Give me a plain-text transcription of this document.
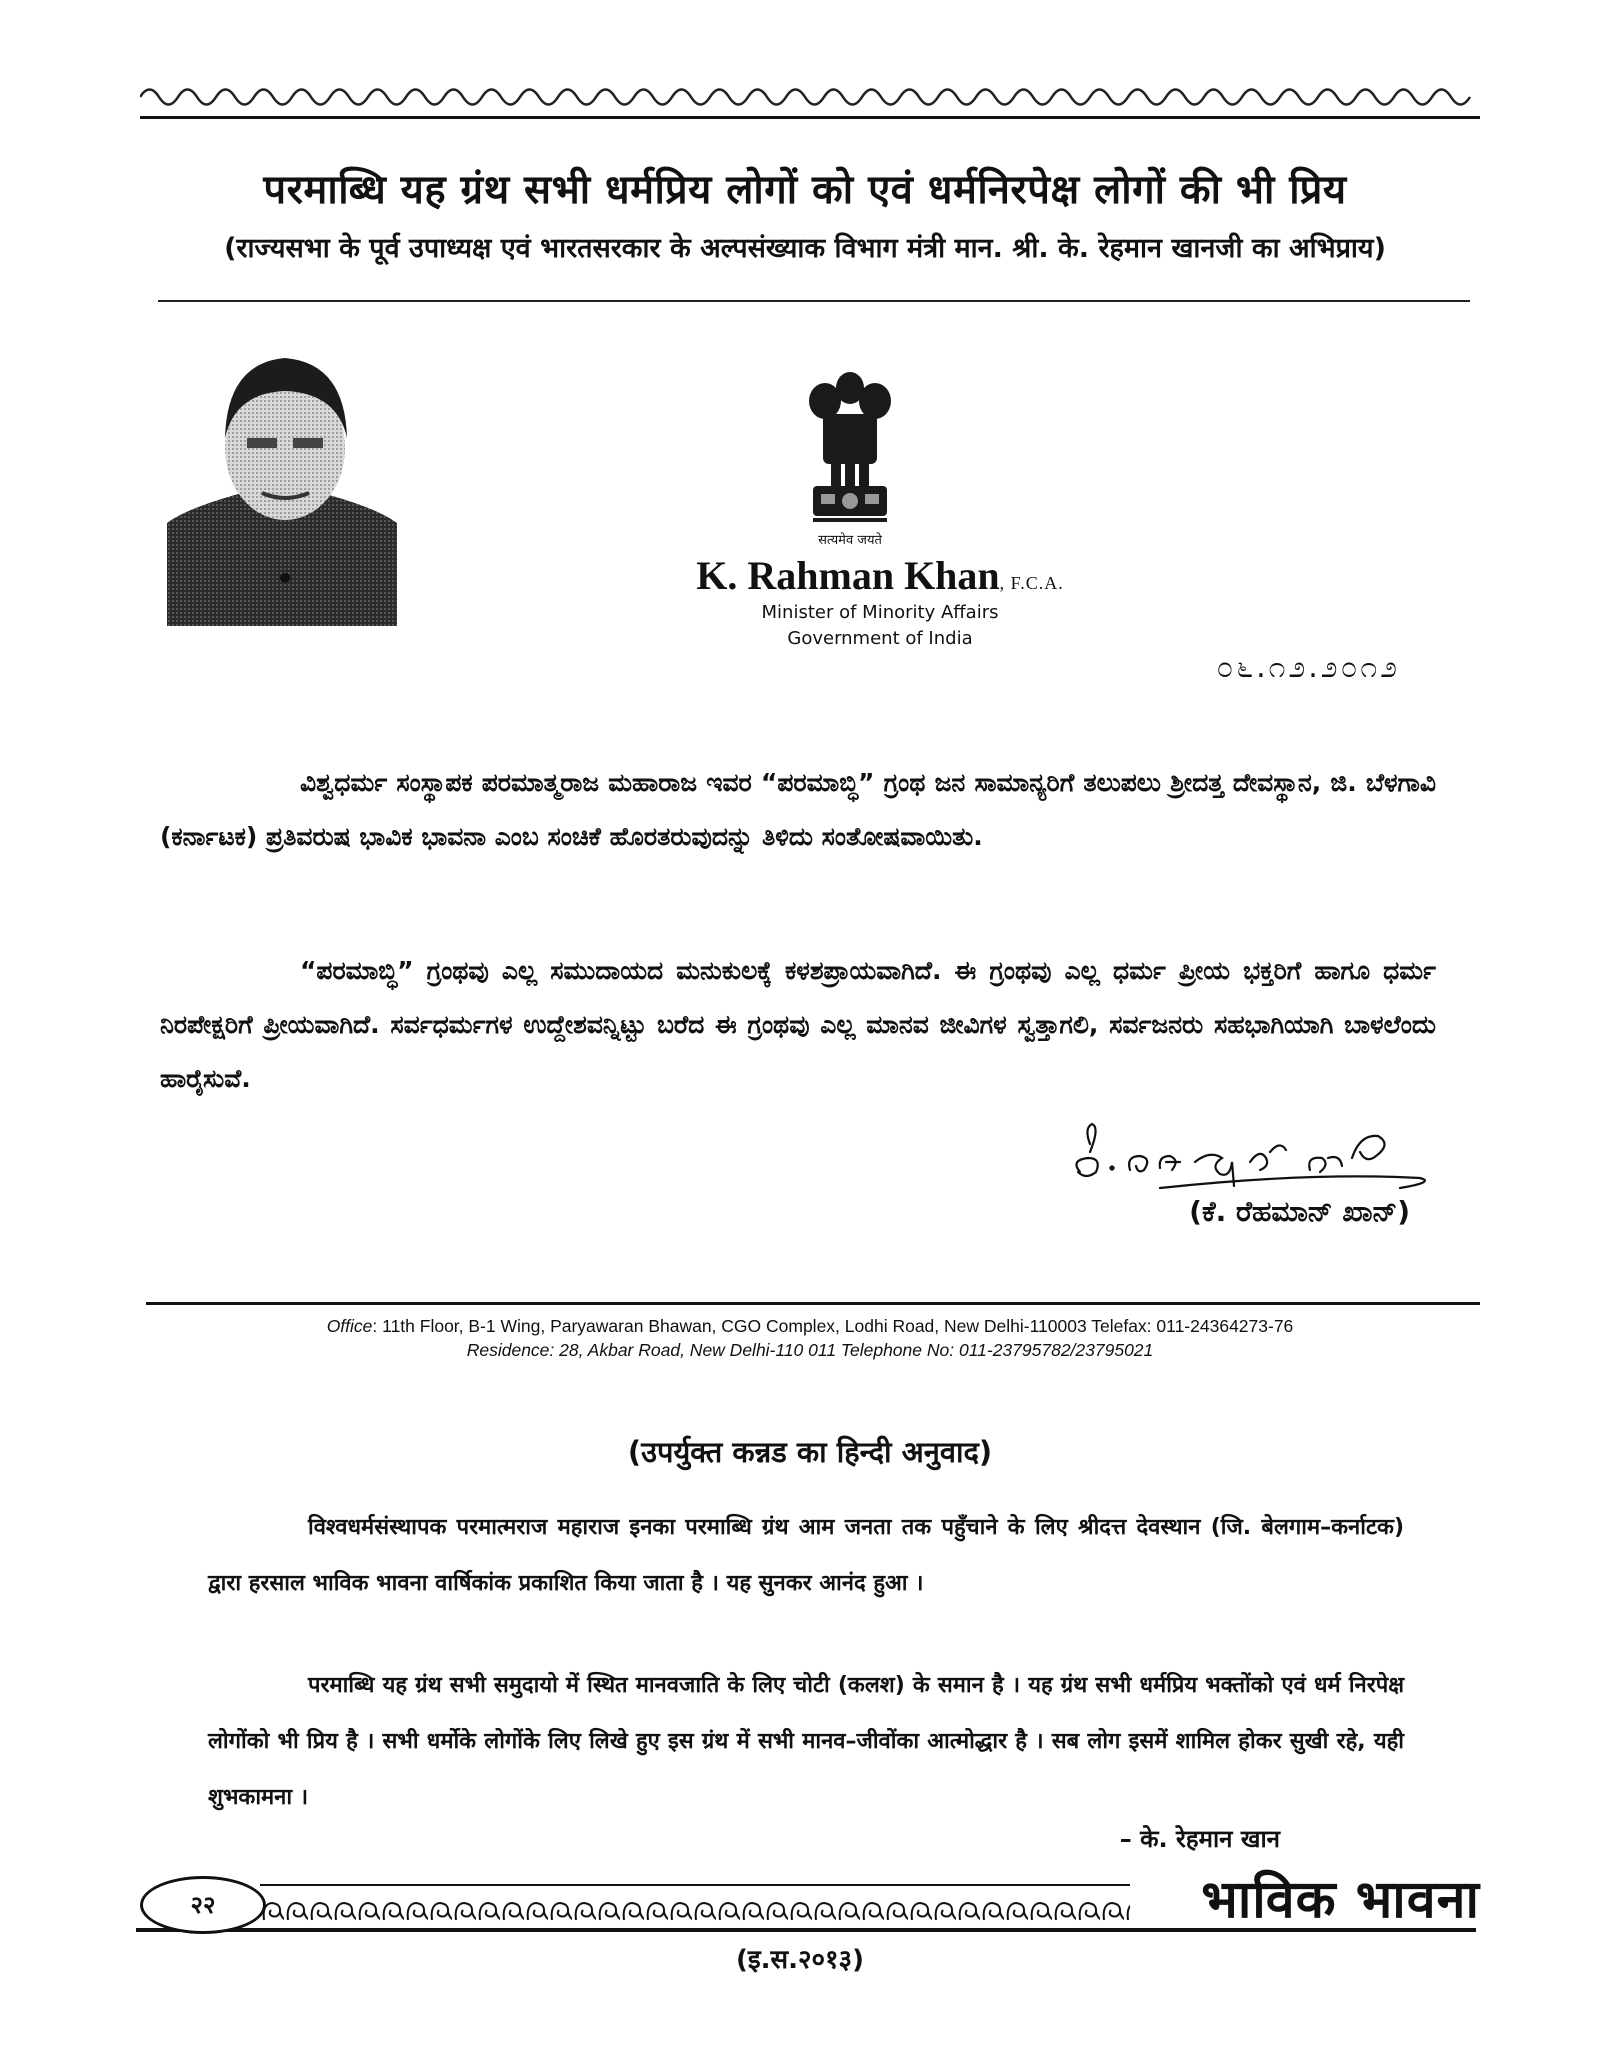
परमाब्धि यह ग्रंथ सभी धर्मप्रिय लोगों को एवं धर्मनिरपेक्ष लोगों की भी प्रिय
(राज्यसभा के पूर्व उपाध्यक्ष एवं भारतसरकार के अल्पसंख्याक विभाग मंत्री मान. श्री. के. रेहमान खानजी का अभिप्राय)
सत्यमेव जयते
K. Rahman Khan, F.C.A.
Minister of Minority Affairs
Government of India
೦೬.೧೨.೨೦೧೨
ವಿಶ್ವಧರ್ಮ ಸಂಸ್ಥಾಪಕ ಪರಮಾತ್ಮರಾಜ ಮಹಾರಾಜ ಇವರ “ಪರಮಾಬ್ಧಿ” ಗ್ರಂಥ ಜನ ಸಾಮಾನ್ಯರಿಗೆ ತಲುಪಲು ಶ್ರೀದತ್ತ ದೇವಸ್ಥಾನ, ಜಿ. ಬೆಳಗಾವಿ (ಕರ್ನಾಟಕ) ಪ್ರತಿವರುಷ ಭಾವಿಕ ಭಾವನಾ ಎಂಬ ಸಂಚಿಕೆ ಹೊರತರುವುದನ್ನು ತಿಳಿದು ಸಂತೋಷವಾಯಿತು.
“ಪರಮಾಬ್ಧಿ” ಗ್ರಂಥವು ಎಲ್ಲ ಸಮುದಾಯದ ಮನುಕುಲಕ್ಕೆ ಕಳಶಪ್ರಾಯವಾಗಿದೆ. ಈ ಗ್ರಂಥವು ಎಲ್ಲ ಧರ್ಮ ಪ್ರೀಯ ಭಕ್ತರಿಗೆ ಹಾಗೂ ಧರ್ಮ ನಿರಪೇಕ್ಷರಿಗೆ ಪ್ರೀಯವಾಗಿದೆ. ಸರ್ವಧರ್ಮಗಳ ಉದ್ದೇಶವನ್ನಿಟ್ಟು ಬರೆದ ಈ ಗ್ರಂಥವು ಎಲ್ಲ ಮಾನವ ಜೀವಿಗಳ ಸ್ವತ್ತಾಗಲಿ, ಸರ್ವಜನರು ಸಹಭಾಗಿಯಾಗಿ ಬಾಳಲೆಂದು ಹಾರೈಸುವೆ.
(ಕೆ. ರೆಹಮಾನ್ ಖಾನ್)
Office: 11th Floor, B-1 Wing, Paryawaran Bhawan, CGO Complex, Lodhi Road, New Delhi-110003 Telefax: 011-24364273-76
Residence: 28, Akbar Road, New Delhi-110 011 Telephone No: 011-23795782/23795021
(उपर्युक्त कन्नड का हिन्दी अनुवाद)
विश्वधर्मसंस्थापक परमात्मराज महाराज इनका परमाब्धि ग्रंथ आम जनता तक पहुँचाने के लिए श्रीदत्त देवस्थान (जि. बेलगाम–कर्नाटक) द्वारा हरसाल भाविक भावना वार्षिकांक प्रकाशित किया जाता है । यह सुनकर आनंद हुआ ।
परमाब्धि यह ग्रंथ सभी समुदायो में स्थित मानवजाति के लिए चोटी (कलश) के समान है । यह ग्रंथ सभी धर्मप्रिय भक्तोंको एवं धर्म निरपेक्ष लोगोंको भी प्रिय है । सभी धर्मोके लोगोंके लिए लिखे हुए इस ग्रंथ में सभी मानव–जीवोंका आत्मोद्धार है । सब लोग इसमें शामिल होकर सुखी रहे, यही शुभकामना ।
– के. रेहमान खान
२२	भाविक भावना
(इ.स.२०१३)
